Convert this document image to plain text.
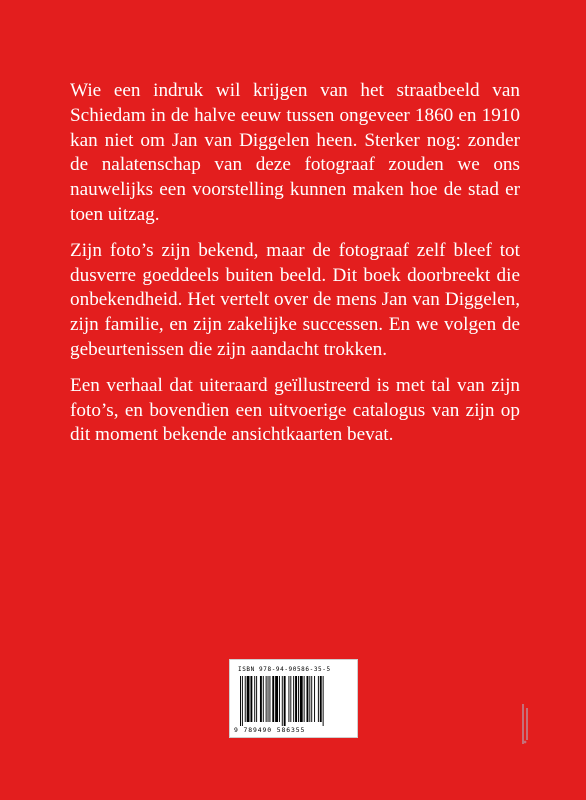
Wie een indruk wil krijgen van het straatbeeld van Schiedam in de halve eeuw tussen ongeveer 1860 en 1910 kan niet om Jan van Diggelen heen. Sterker nog: zonder de nalatenschap van deze fotograaf zouden we ons nauwelijks een voorstelling kunnen maken hoe de stad er toen uitzag.

Zijn foto’s zijn bekend, maar de fotograaf zelf bleef tot dusverre goeddeels buiten beeld. Dit boek doorbreekt die onbekendheid. Het vertelt over de mens Jan van Diggelen, zijn familie, en zijn zakelijke successen. En we volgen de gebeurtenissen die zijn aandacht trokken.

Een verhaal dat uiteraard geïllustreerd is met tal van zijn foto’s, en bovendien een uitvoerige catalogus van zijn op dit moment bekende ansichtkaarten bevat.

ISBN 978-94-90586-35-5
9 789490 586355
